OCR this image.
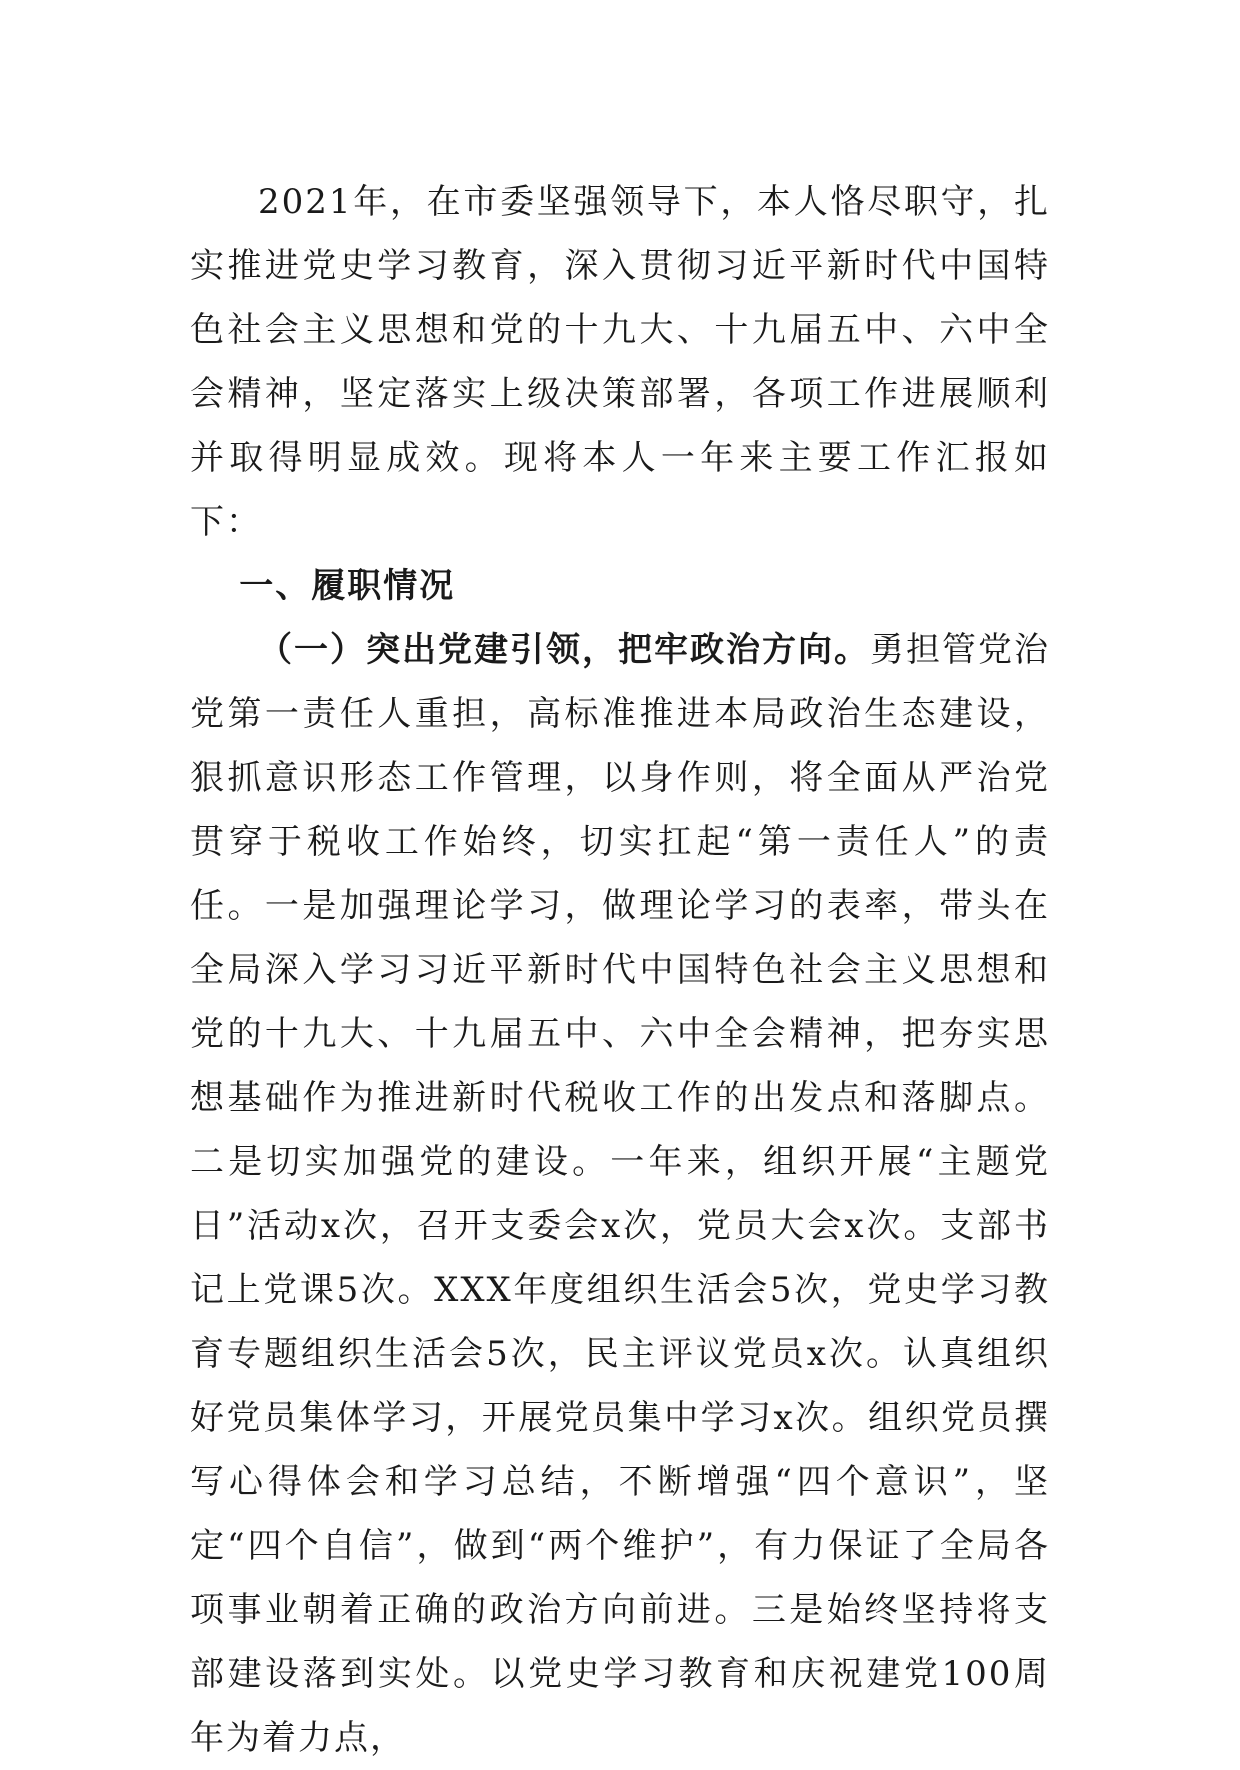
2021年，在市委坚强领导下，本人恪尽职守，扎实推进党史学习教育，深入贯彻习近平新时代中国特色社会主义思想和党的十九大、十九届五中、六中全会精神，坚定落实上级决策部署，各项工作进展顺利并取得明显成效。现将本人一年来主要工作汇报如下：

一、履职情况

（一）突出党建引领，把牢政治方向。勇担管党治党第一责任人重担，高标准推进本局政治生态建设，狠抓意识形态工作管理，以身作则，将全面从严治党贯穿于税收工作始终，切实扛起“第一责任人”的责任。一是加强理论学习，做理论学习的表率，带头在全局深入学习习近平新时代中国特色社会主义思想和党的十九大、十九届五中、六中全会精神，把夯实思想基础作为推进新时代税收工作的出发点和落脚点。二是切实加强党的建设。一年来，组织开展“主题党日”活动x次，召开支委会x次，党员大会x次。支部书记上党课5次。XXX年度组织生活会5次，党史学习教育专题组织生活会5次，民主评议党员x次。认真组织好党员集体学习，开展党员集中学习x次。组织党员撰写心得体会和学习总结，不断增强“四个意识”，坚定“四个自信”，做到“两个维护”，有力保证了全局各项事业朝着正确的政治方向前进。三是始终坚持将支部建设落到实处。以党史学习教育和庆祝建党100周年为着力点，
